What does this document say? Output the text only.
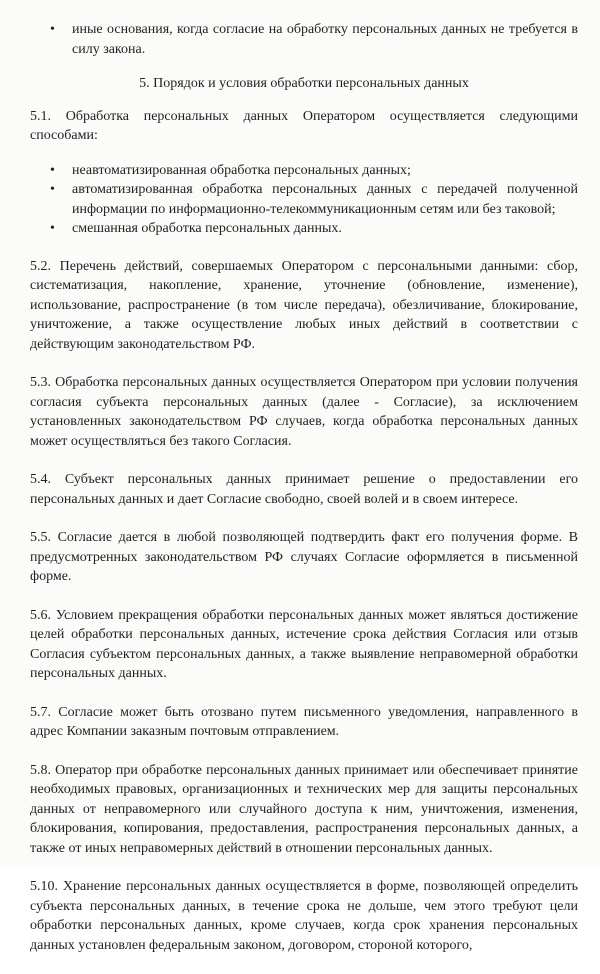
• иные основания, когда согласие на обработку персональных данных не требуется в силу закона.
5. Порядок и условия обработки персональных данных
5.1. Обработка персональных данных Оператором осуществляется следующими способами:
• неавтоматизированная обработка персональных данных;
• автоматизированная обработка персональных данных с передачей полученной информации по информационно-телекоммуникационным сетям или без таковой;
• смешанная обработка персональных данных.
5.2. Перечень действий, совершаемых Оператором с персональными данными: сбор, систематизация, накопление, хранение, уточнение (обновление, изменение), использование, распространение (в том числе передача), обезличивание, блокирование, уничтожение, а также осуществление любых иных действий в соответствии с действующим законодательством РФ.
5.3. Обработка персональных данных осуществляется Оператором при условии получения согласия субъекта персональных данных (далее - Согласие), за исключением установленных законодательством РФ случаев, когда обработка персональных данных может осуществляться без такого Согласия.
5.4. Субъект персональных данных принимает решение о предоставлении его персональных данных и дает Согласие свободно, своей волей и в своем интересе.
5.5. Согласие дается в любой позволяющей подтвердить факт его получения форме. В предусмотренных законодательством РФ случаях Согласие оформляется в письменной форме.
5.6. Условием прекращения обработки персональных данных может являться достижение целей обработки персональных данных, истечение срока действия Согласия или отзыв Согласия субъектом персональных данных, а также выявление неправомерной обработки персональных данных.
5.7. Согласие может быть отозвано путем письменного уведомления, направленного в адрес Компании заказным почтовым отправлением.
5.8. Оператор при обработке персональных данных принимает или обеспечивает принятие необходимых правовых, организационных и технических мер для защиты персональных данных от неправомерного или случайного доступа к ним, уничтожения, изменения, блокирования, копирования, предоставления, распространения персональных данных, а также от иных неправомерных действий в отношении персональных данных.
5.10. Хранение персональных данных осуществляется в форме, позволяющей определить субъекта персональных данных, в течение срока не дольше, чем этого требуют цели обработки персональных данных, кроме случаев, когда срок хранения персональных данных установлен федеральным законом, договором, стороной которого,
